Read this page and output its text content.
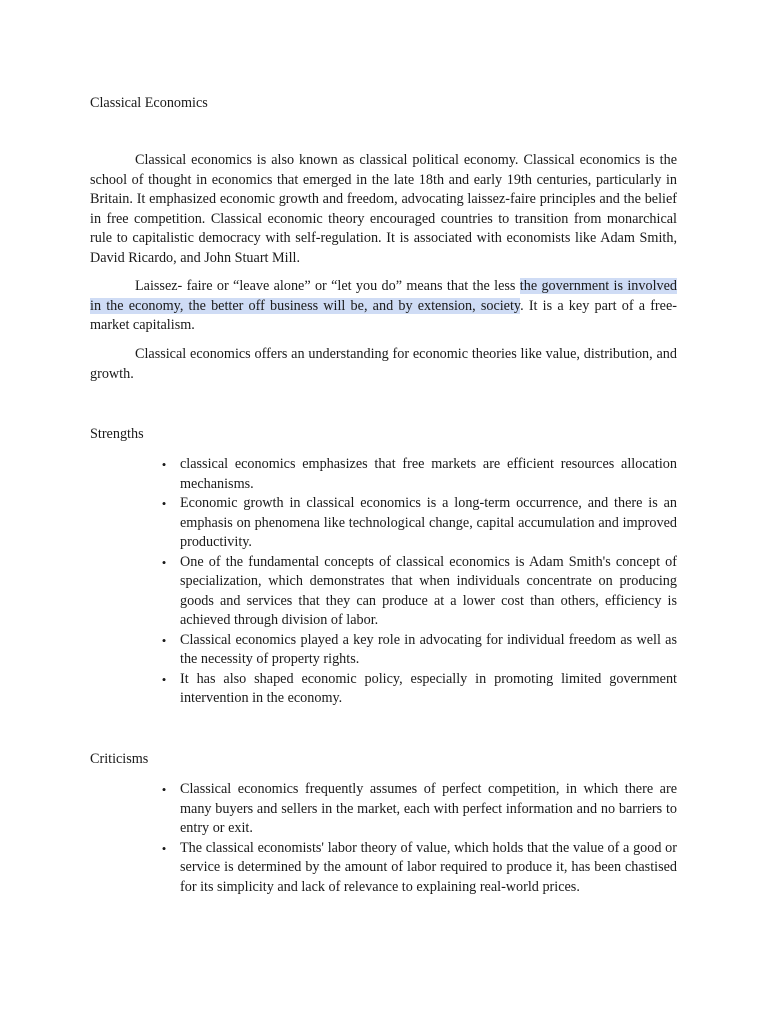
Classical Economics

Classical economics is also known as classical political economy. Classical economics is the school of thought in economics that emerged in the late 18th and early 19th centuries, particularly in Britain. It emphasized economic growth and freedom, advocating laissez-faire principles and the belief in free competition. Classical economic theory encouraged countries to transition from monarchical rule to capitalistic democracy with self-regulation. It is associated with economists like Adam Smith, David Ricardo, and John Stuart Mill.

Laissez- faire or “leave alone” or “let you do” means that the less the government is involved in the economy, the better off business will be, and by extension, society. It is a key part of a free-market capitalism.

Classical economics offers an understanding for economic theories like value, distribution, and growth.

Strengths
• classical economics emphasizes that free markets are efficient resources allocation mechanisms.
• Economic growth in classical economics is a long-term occurrence, and there is an emphasis on phenomena like technological change, capital accumulation and improved productivity.
• One of the fundamental concepts of classical economics is Adam Smith's concept of specialization, which demonstrates that when individuals concentrate on producing goods and services that they can produce at a lower cost than others, efficiency is achieved through division of labor.
• Classical economics played a key role in advocating for individual freedom as well as the necessity of property rights.
• It has also shaped economic policy, especially in promoting limited government intervention in the economy.
Criticisms
• Classical economics frequently assumes of perfect competition, in which there are many buyers and sellers in the market, each with perfect information and no barriers to entry or exit.
• The classical economists' labor theory of value, which holds that the value of a good or service is determined by the amount of labor required to produce it, has been chastised for its simplicity and lack of relevance to explaining real-world prices.
